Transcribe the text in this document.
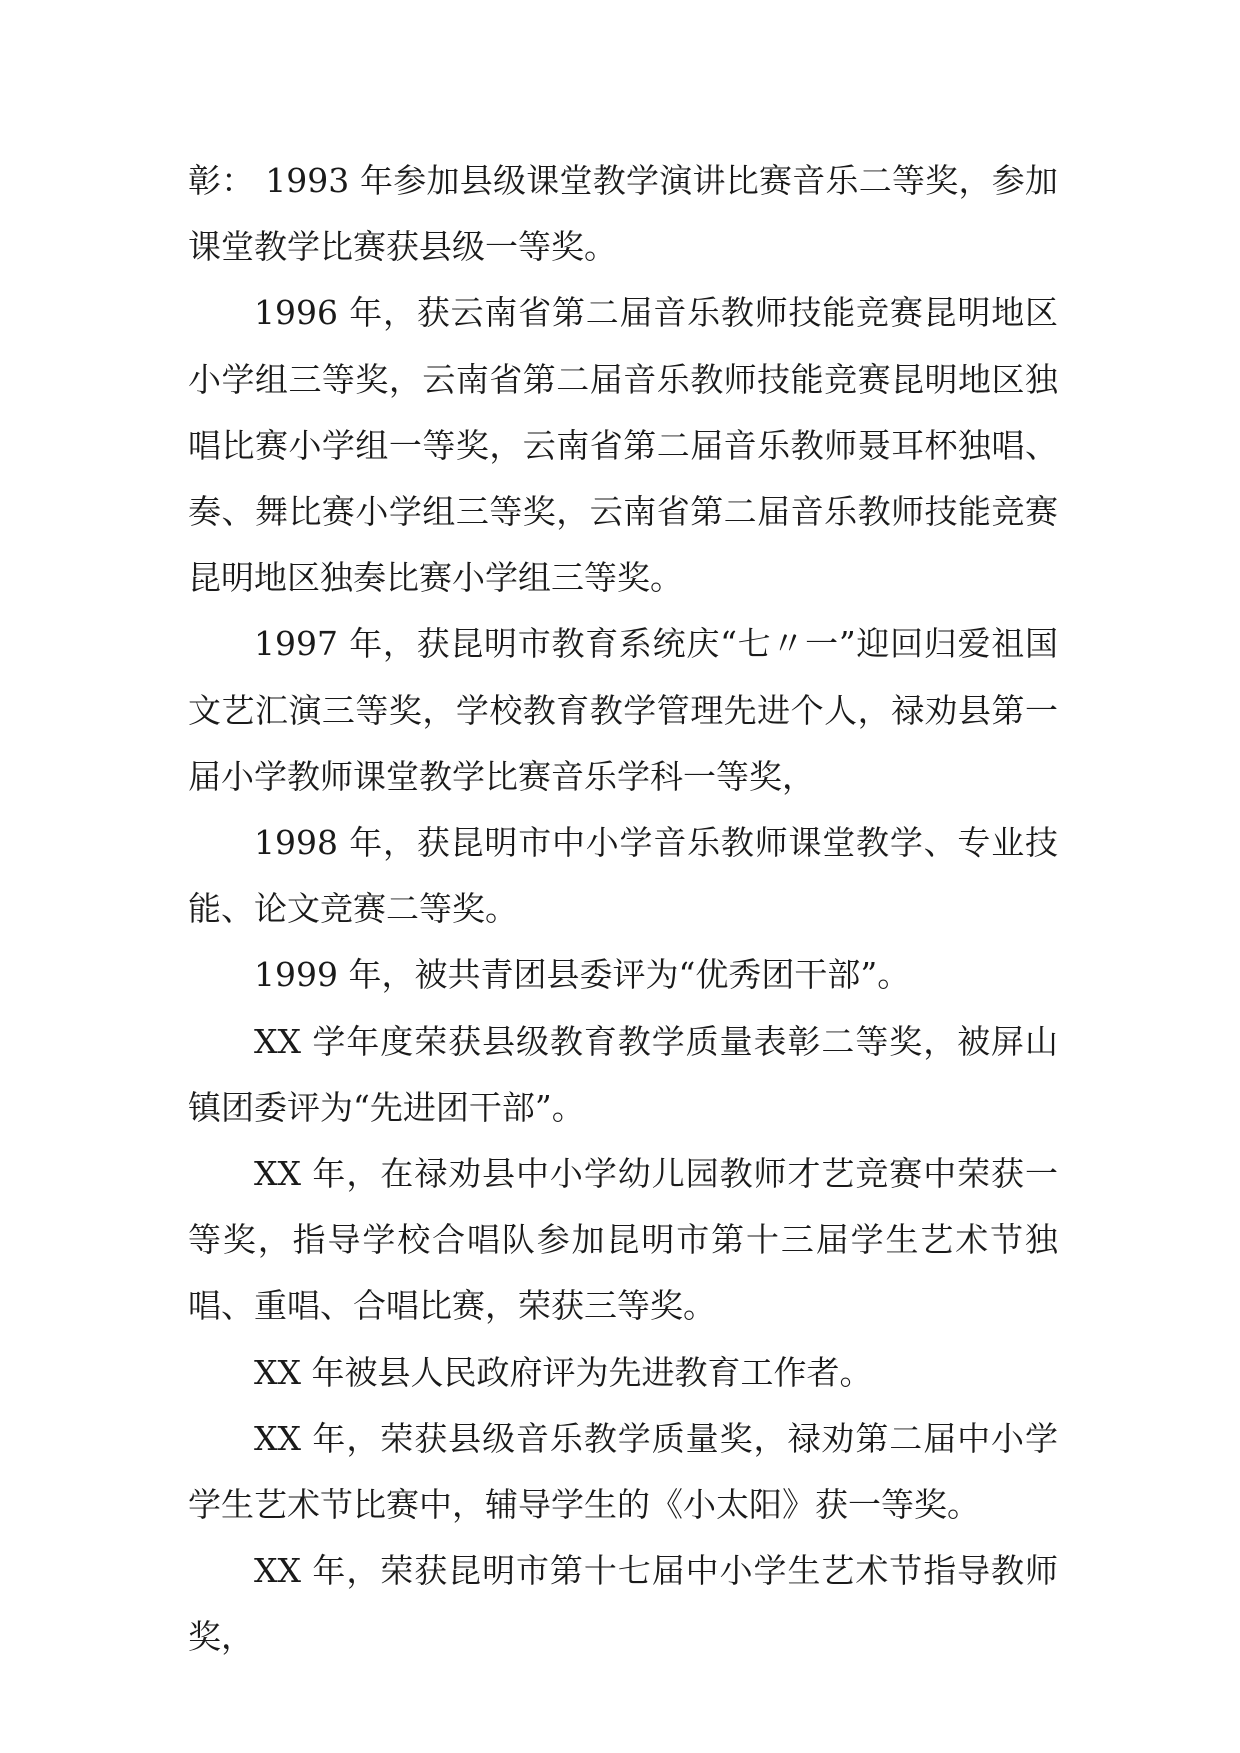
彰： 1993 年参加县级课堂教学演讲比赛音乐二等奖，参加课堂教学比赛获县级一等奖。

1996 年，获云南省第二届音乐教师技能竞赛昆明地区小学组三等奖，云南省第二届音乐教师技能竞赛昆明地区独唱比赛小学组一等奖，云南省第二届音乐教师聂耳杯独唱、奏、舞比赛小学组三等奖，云南省第二届音乐教师技能竞赛昆明地区独奏比赛小学组三等奖。

1997 年，获昆明市教育系统庆“七〃一”迎回归爱祖国文艺汇演三等奖，学校教育教学管理先进个人，禄劝县第一届小学教师课堂教学比赛音乐学科一等奖，

1998 年，获昆明市中小学音乐教师课堂教学、专业技能、论文竞赛二等奖。

1999 年，被共青团县委评为“优秀团干部”。

XX 学年度荣获县级教育教学质量表彰二等奖，被屏山镇团委评为“先进团干部”。

XX 年，在禄劝县中小学幼儿园教师才艺竞赛中荣获一等奖，指导学校合唱队参加昆明市第十三届学生艺术节独唱、重唱、合唱比赛，荣获三等奖。

XX 年被县人民政府评为先进教育工作者。

XX 年，荣获县级音乐教学质量奖，禄劝第二届中小学学生艺术节比赛中，辅导学生的《小太阳》获一等奖。

XX 年，荣获昆明市第十七届中小学生艺术节指导教师奖，
